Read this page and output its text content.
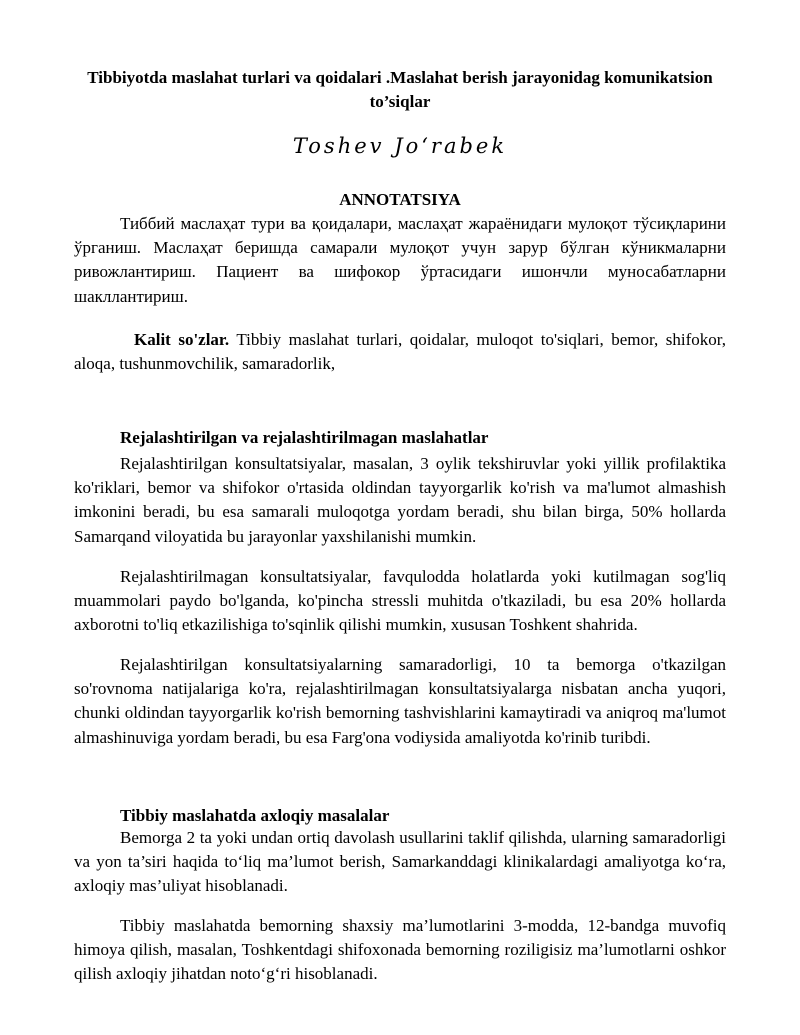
Tibbiyotda maslahat turlari va qoidalari .Maslahat berish jarayonidag komunikatsion to’siqlar
Toshev Jo‘rabek
ANNOTATSIYA

Тиббий маслаҳат тури ва қоидалари, маслаҳат жараёнидаги мулоқот тўсиқларини ўрганиш. Маслаҳат беришда самарали мулоқот учун зарур бўлган кўникмаларни ривожлантириш. Пациент ва шифокор ўртасидаги ишончли муносабатларни шакллантириш.

Kalit so'zlar. Tibbiy maslahat turlari, qoidalar, muloqot to'siqlari, bemor, shifokor, aloqa, tushunmovchilik, samaradorlik,

Rejalashtirilgan va rejalashtirilmagan maslahatlar

Rejalashtirilgan konsultatsiyalar, masalan, 3 oylik tekshiruvlar yoki yillik profilaktika ko'riklari, bemor va shifokor o'rtasida oldindan tayyorgarlik ko'rish va ma'lumot almashish imkonini beradi, bu esa samarali muloqotga yordam beradi, shu bilan birga, 50% hollarda Samarqand viloyatida bu jarayonlar yaxshilanishi mumkin.

Rejalashtirilmagan konsultatsiyalar, favqulodda holatlarda yoki kutilmagan sog'liq muammolari paydo bo'lganda, ko'pincha stressli muhitda o'tkaziladi, bu esa 20% hollarda axborotni to'liq etkazilishiga to'sqinlik qilishi mumkin, xususan Toshkent shahrida.

Rejalashtirilgan konsultatsiyalarning samaradorligi, 10 ta bemorga o'tkazilgan so'rovnoma natijalariga ko'ra, rejalashtirilmagan konsultatsiyalarga nisbatan ancha yuqori, chunki oldindan tayyorgarlik ko'rish bemorning tashvishlarini kamaytiradi va aniqroq ma'lumot almashinuviga yordam beradi, bu esa Farg'ona vodiysida amaliyotda ko'rinib turibdi.

Tibbiy maslahatda axloqiy masalalar

Bemorga 2 ta yoki undan ortiq davolash usullarini taklif qilishda, ularning samaradorligi va yon ta’siri haqida to‘liq ma’lumot berish, Samarkanddagi klinikalardagi amaliyotga ko‘ra, axloqiy mas’uliyat hisoblanadi.

Tibbiy maslahatda bemorning shaxsiy ma’lumotlarini 3-modda, 12-bandga muvofiq himoya qilish, masalan, Toshkentdagi shifoxonada bemorning roziligisiz ma’lumotlarni oshkor qilish axloqiy jihatdan noto‘g‘ri hisoblanadi.
